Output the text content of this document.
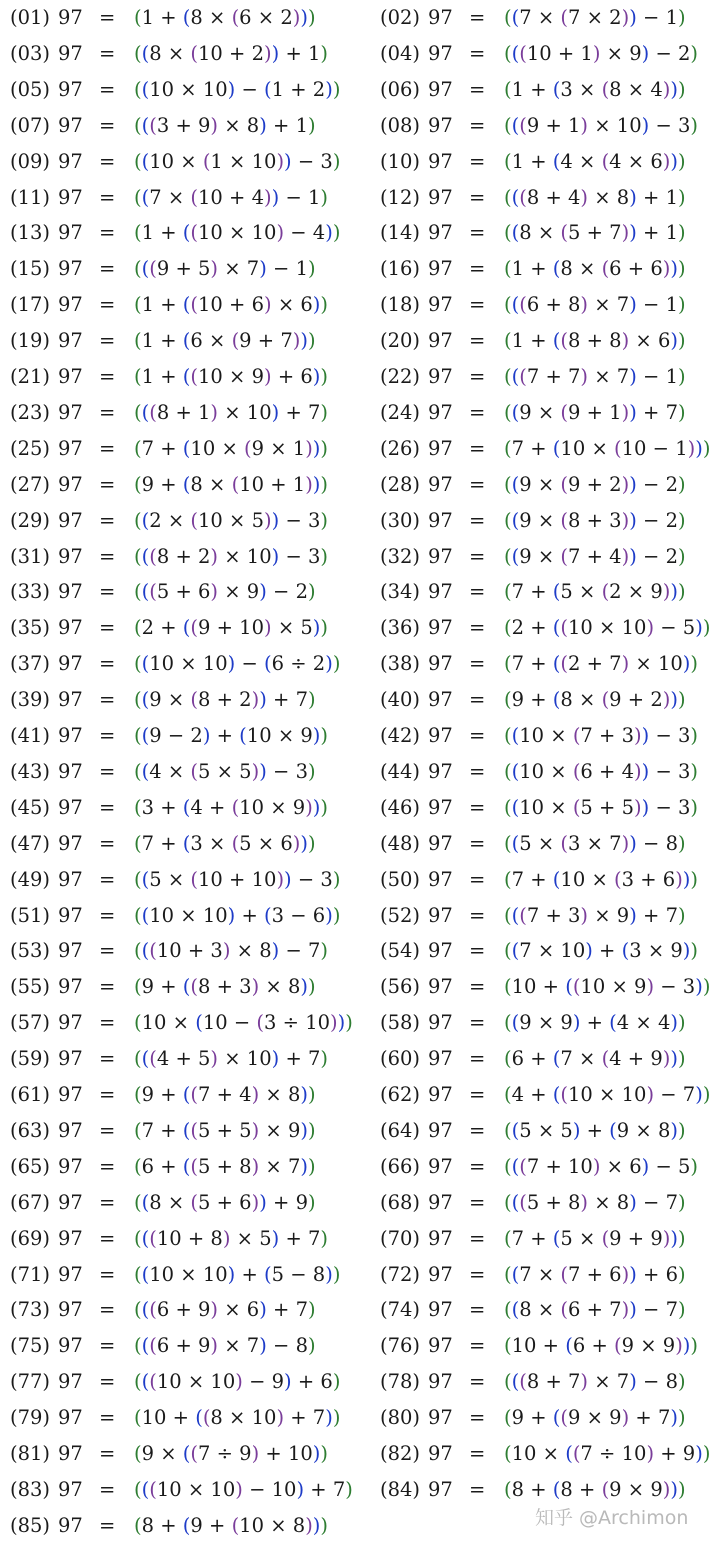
(01) 97 = (1 + (8 × (6 × 2)))	(02) 97 = ((7 × (7 × 2)) − 1)
(03) 97 = ((8 × (10 + 2)) + 1)	(04) 97 = (((10 + 1) × 9) − 2)
(05) 97 = ((10 × 10) − (1 + 2)) (06) 97 = (1 + (3 × (8 × 4)))
(07) 97 = (((3 + 9) × 8) + 1)	(08) 97 = (((9 + 1) × 10) − 3)
(09) 97 = ((10 × (1 × 10)) − 3) (10) 97 = (1 + (4 × (4 × 6)))
(11) 97 = ((7 × (10 + 4)) − 1)	(12) 97 = (((8 + 4) × 8) + 1)
(13) 97 = (1 + ((10 × 10) − 4)) (14) 97 = ((8 × (5 + 7)) + 1)
(15) 97 = (((9 + 5) × 7) − 1)	(16) 97 = (1 + (8 × (6 + 6)))
(17) 97 = (1 + ((10 + 6) × 6))	(18) 97 = (((6 + 8) × 7) − 1)
(19) 97 = (1 + (6 × (9 + 7)))	(20) 97 = (1 + ((8 + 8) × 6))
(21) 97 = (1 + ((10 × 9) + 6))	(22) 97 = (((7 + 7) × 7) − 1)
(23) 97 = (((8 + 1) × 10) + 7)	(24) 97 = ((9 × (9 + 1)) + 7)
(25) 97 = (7 + (10 × (9 × 1)))	(26) 97 = (7 + (10 × (10 − 1)))
(27) 97 = (9 + (8 × (10 + 1)))	(28) 97 = ((9 × (9 + 2)) − 2)
(29) 97 = ((2 × (10 × 5)) − 3)	(30) 97 = ((9 × (8 + 3)) − 2)
(31) 97 = (((8 + 2) × 10) − 3)	(32) 97 = ((9 × (7 + 4)) − 2)
(33) 97 = (((5 + 6) × 9) − 2)	(34) 97 = (7 + (5 × (2 × 9)))
(35) 97 = (2 + ((9 + 10) × 5))	(36) 97 = (2 + ((10 × 10) − 5))
(37) 97 = ((10 × 10) − (6 ÷ 2)) (38) 97 = (7 + ((2 + 7) × 10))
(39) 97 = ((9 × (8 + 2)) + 7)	(40) 97 = (9 + (8 × (9 + 2)))
(41) 97 = ((9 − 2) + (10 × 9))	(42) 97 = ((10 × (7 + 3)) − 3)
(43) 97 = ((4 × (5 × 5)) − 3)	(44) 97 = ((10 × (6 + 4)) − 3)
(45) 97 = (3 + (4 + (10 × 9)))	(46) 97 = ((10 × (5 + 5)) − 3)
(47) 97 = (7 + (3 × (5 × 6)))	(48) 97 = ((5 × (3 × 7)) − 8)
(49) 97 = ((5 × (10 + 10)) − 3) (50) 97 = (7 + (10 × (3 + 6)))
(51) 97 = ((10 × 10) + (3 − 6)) (52) 97 = (((7 + 3) × 9) + 7)
(53) 97 = (((10 + 3) × 8) − 7)	(54) 97 = ((7 × 10) + (3 × 9))
(55) 97 = (9 + ((8 + 3) × 8))	(56) 97 = (10 + ((10 × 9) − 3))
(57) 97 = (10 × (10 − (3 ÷ 10))) (58) 97 = ((9 × 9) + (4 × 4))
(59) 97 = (((4 + 5) × 10) + 7)	(60) 97 = (6 + (7 × (4 + 9)))
(61) 97 = (9 + ((7 + 4) × 8))	(62) 97 = (4 + ((10 × 10) − 7))
(63) 97 = (7 + ((5 + 5) × 9))	(64) 97 = ((5 × 5) + (9 × 8))
(65) 97 = (6 + ((5 + 8) × 7))	(66) 97 = (((7 + 10) × 6) − 5)
(67) 97 = ((8 × (5 + 6)) + 9)	(68) 97 = (((5 + 8) × 8) − 7)
(69) 97 = (((10 + 8) × 5) + 7)	(70) 97 = (7 + (5 × (9 + 9)))
(71) 97 = ((10 × 10) + (5 − 8)) (72) 97 = ((7 × (7 + 6)) + 6)
(73) 97 = (((6 + 9) × 6) + 7)	(74) 97 = ((8 × (6 + 7)) − 7)
(75) 97 = (((6 + 9) × 7) − 8)	(76) 97 = (10 + (6 + (9 × 9)))
(77) 97 = (((10 × 10) − 9) + 6) (78) 97 = (((8 + 7) × 7) − 8)
(79) 97 = (10 + ((8 × 10) + 7)) (80) 97 = (9 + ((9 × 9) + 7))
(81) 97 = (9 × ((7 ÷ 9) + 10))	(82) 97 = (10 × ((7 ÷ 10) + 9))
(83) 97 = (((10 × 10) − 10) + 7) (84) 97 = (8 + (8 + (9 × 9)))
(85) 97 = (8 + (9 + (10 × 8)))	知乎 @Archimon
